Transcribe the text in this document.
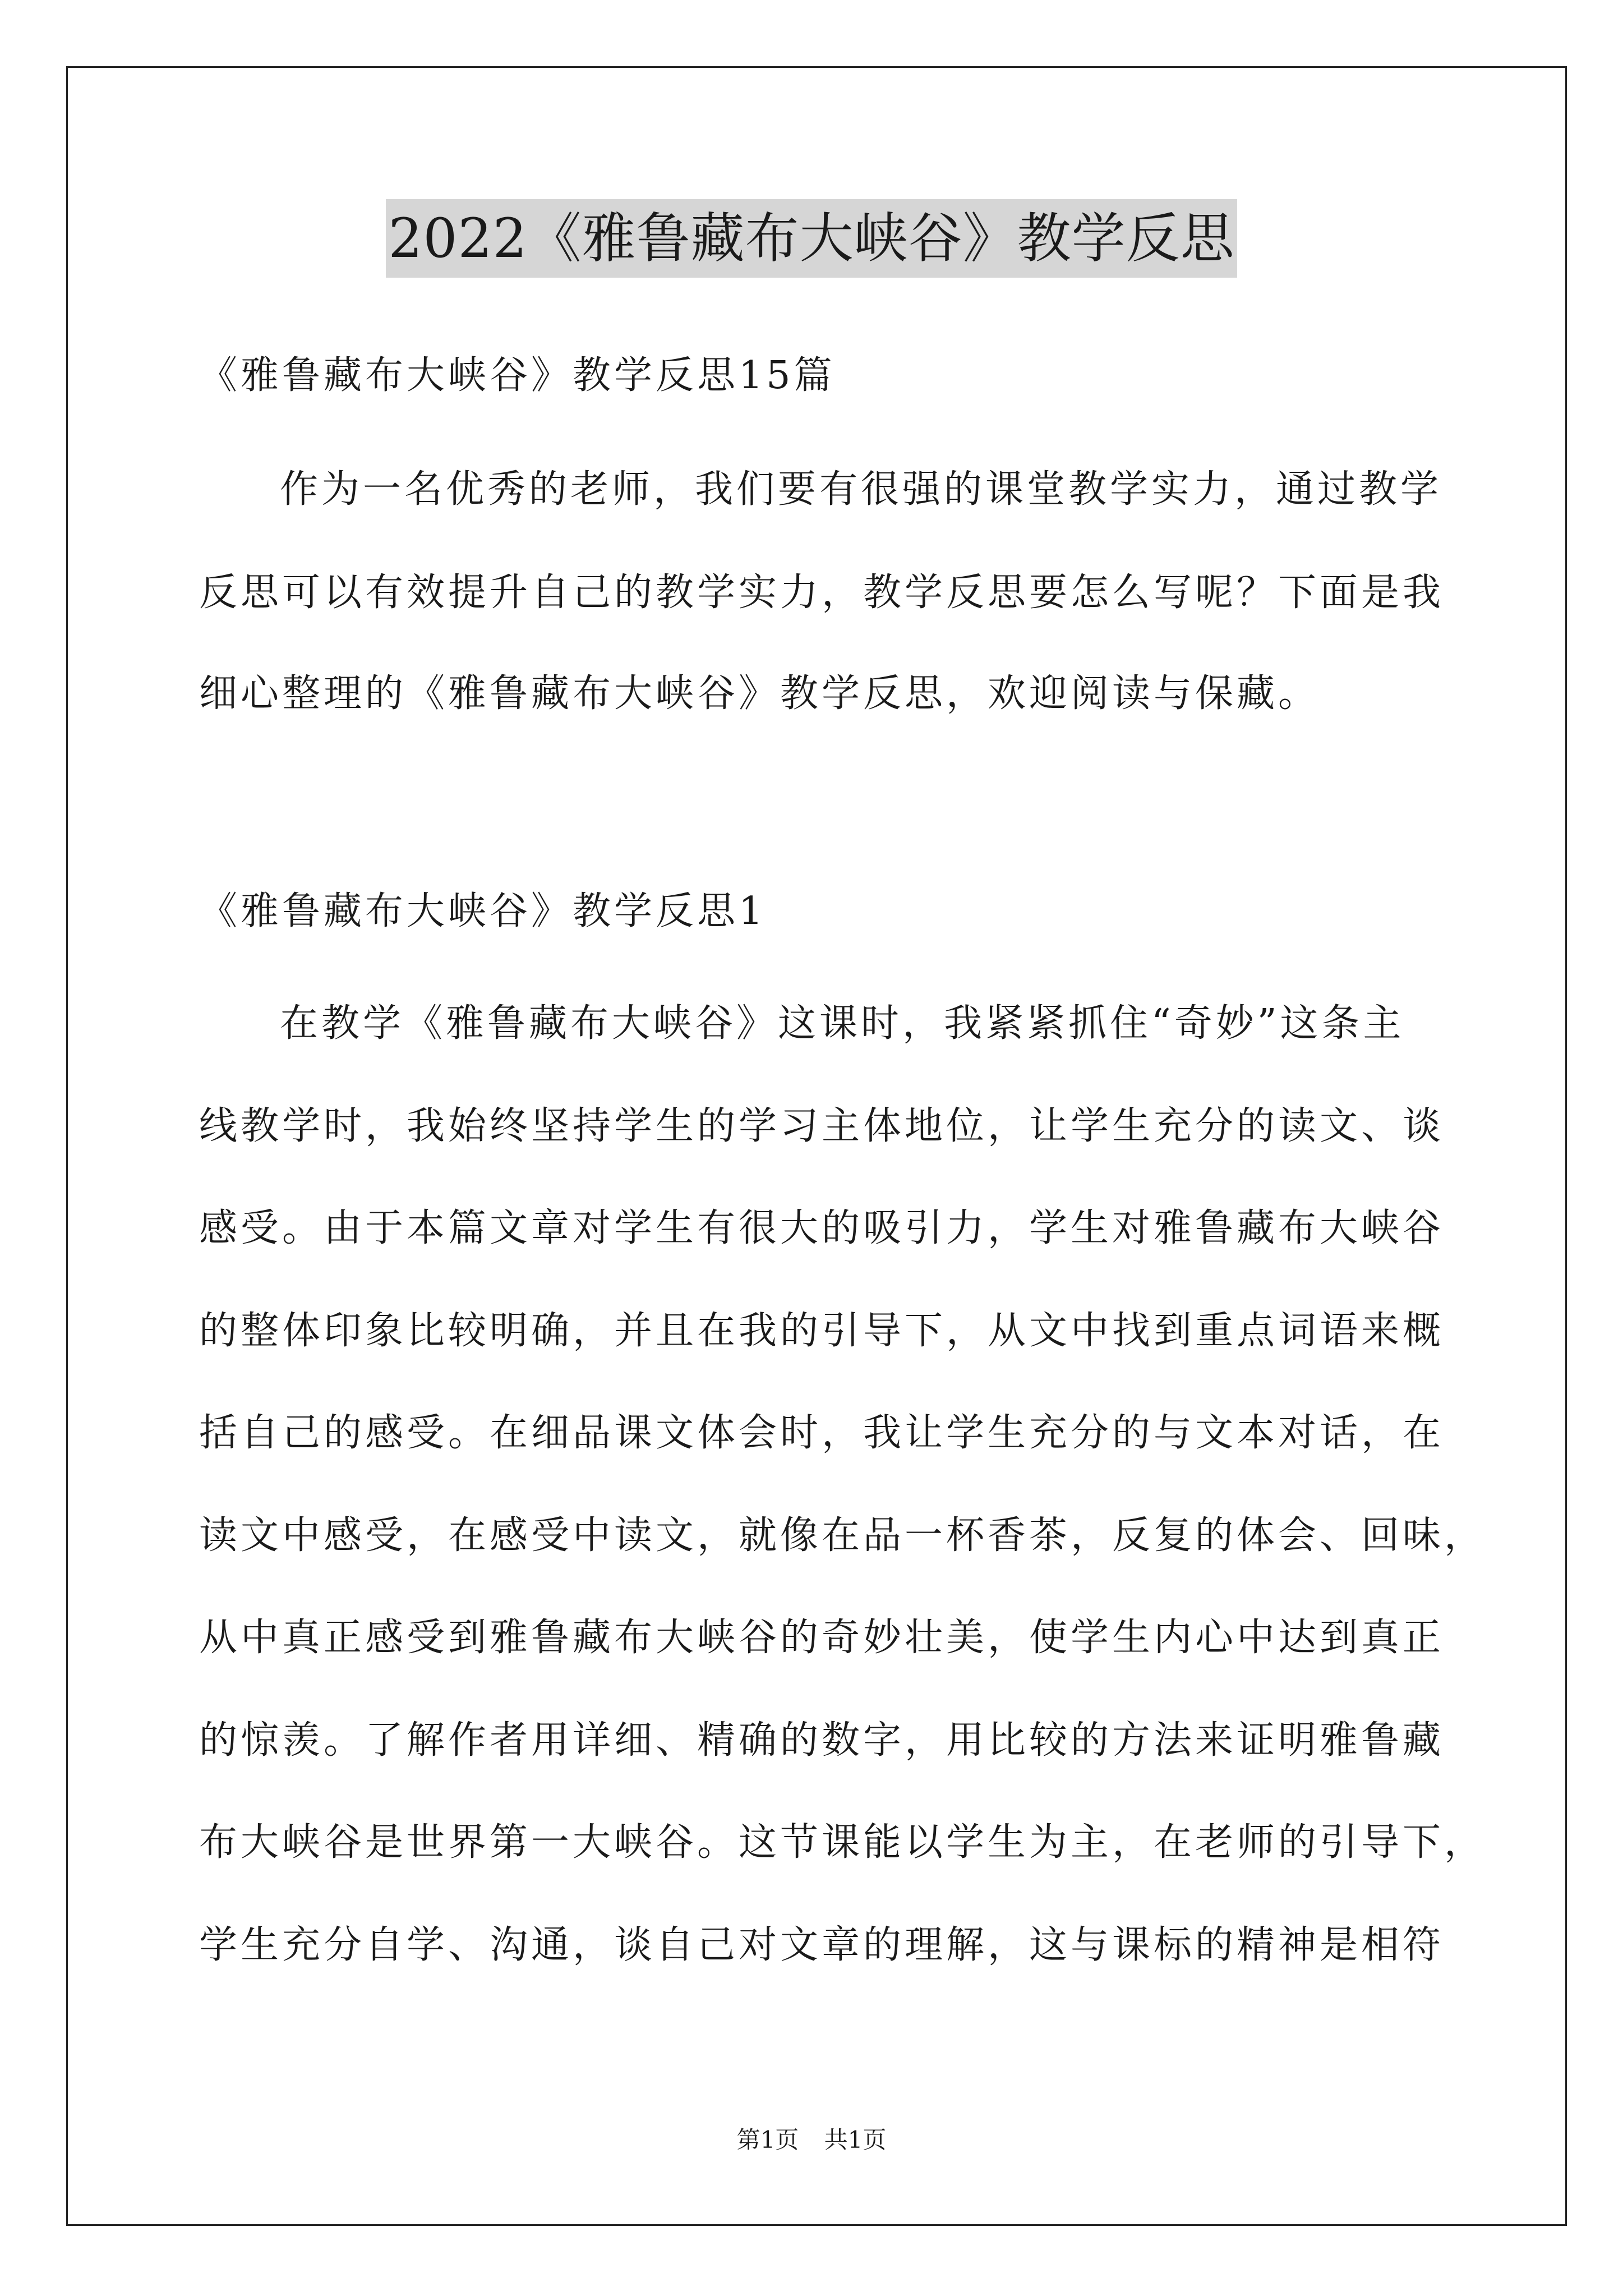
2022《雅鲁藏布大峡谷》教学反思
《雅鲁藏布大峡谷》教学反思15篇
作为一名优秀的老师，我们要有很强的课堂教学实力，通过教学
反思可以有效提升自己的教学实力，教学反思要怎么写呢？下面是我
细心整理的《雅鲁藏布大峡谷》教学反思，欢迎阅读与保藏。
《雅鲁藏布大峡谷》教学反思1
在教学《雅鲁藏布大峡谷》这课时，我紧紧抓住“奇妙”这条主
线教学时，我始终坚持学生的学习主体地位，让学生充分的读文、谈
感受。由于本篇文章对学生有很大的吸引力，学生对雅鲁藏布大峡谷
的整体印象比较明确，并且在我的引导下，从文中找到重点词语来概
括自己的感受。在细品课文体会时，我让学生充分的与文本对话，在
读文中感受，在感受中读文，就像在品一杯香茶，反复的体会、回味，
从中真正感受到雅鲁藏布大峡谷的奇妙壮美，使学生内心中达到真正
的惊羡。了解作者用详细、精确的数字，用比较的方法来证明雅鲁藏
布大峡谷是世界第一大峡谷。这节课能以学生为主，在老师的引导下，
学生充分自学、沟通，谈自己对文章的理解，这与课标的精神是相符
第1页 共1页
